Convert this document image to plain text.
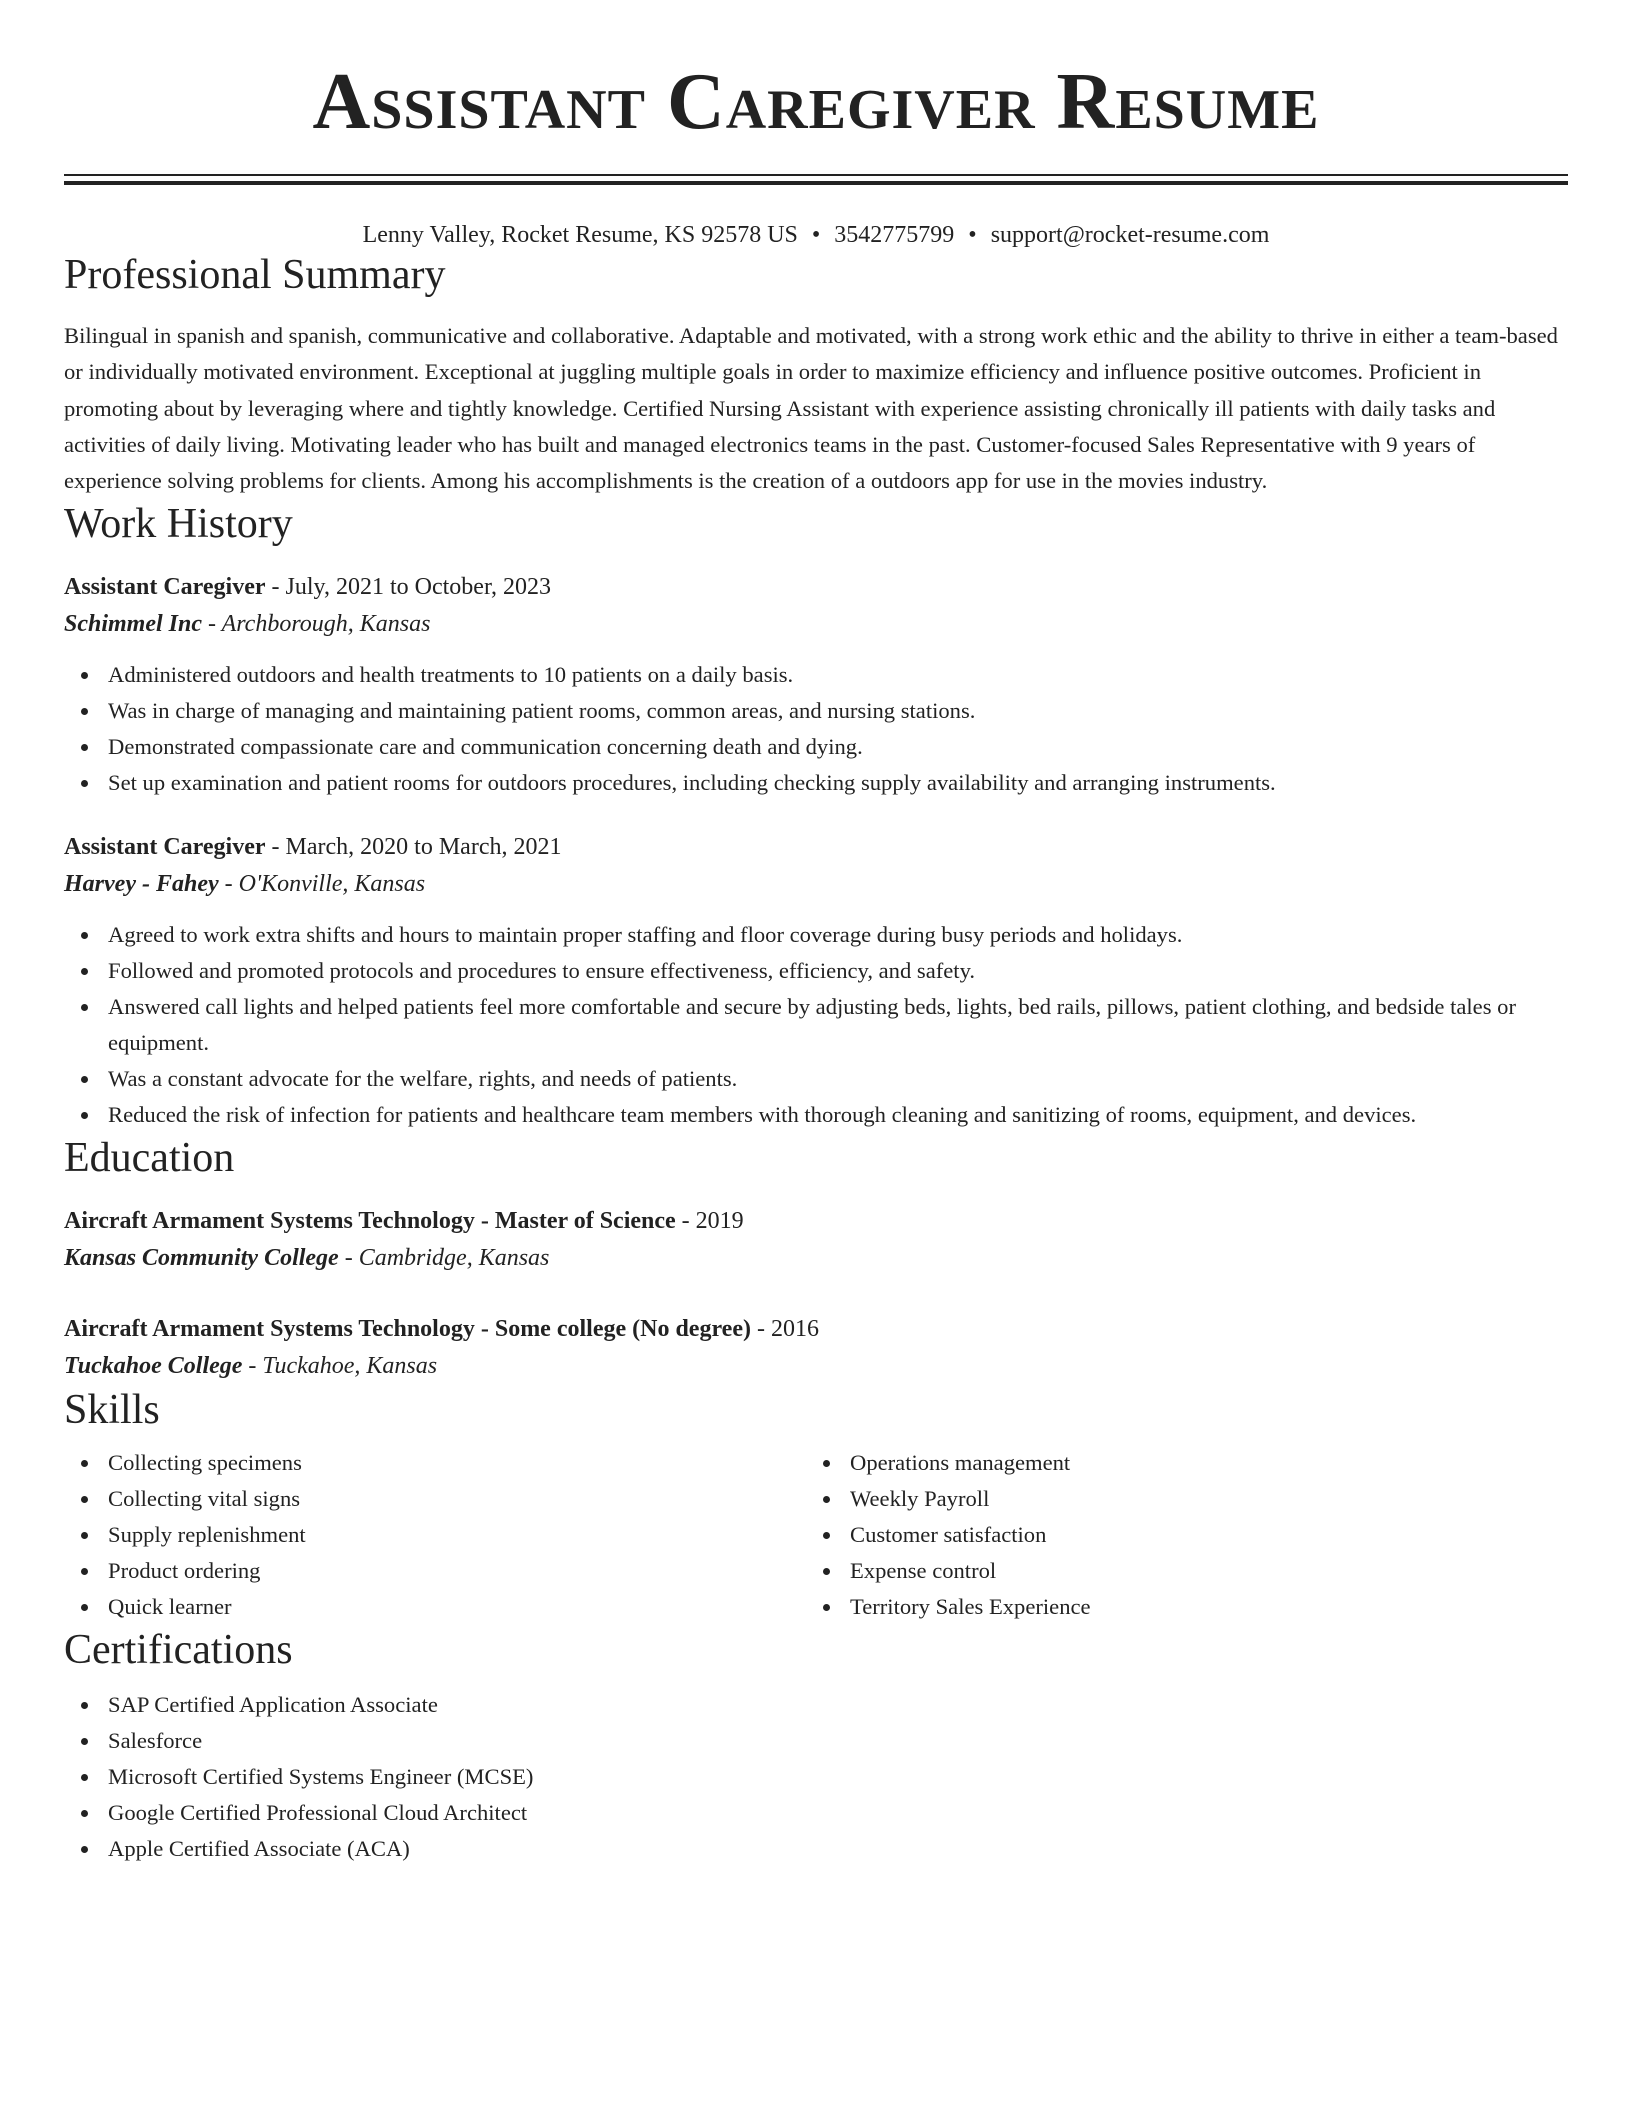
Assistant Caregiver Resume
Lenny Valley, Rocket Resume, KS 92578 US • 3542775799 • support@rocket-resume.com
Professional Summary

Bilingual in spanish and spanish, communicative and collaborative. Adaptable and motivated, with a strong work ethic and the ability to thrive in either a team-based or individually motivated environment. Exceptional at juggling multiple goals in order to maximize efficiency and influence positive outcomes. Proficient in promoting about by leveraging where and tightly knowledge. Certified Nursing Assistant with experience assisting chronically ill patients with daily tasks and activities of daily living. Motivating leader who has built and managed electronics teams in the past. Customer-focused Sales Representative with 9 years of experience solving problems for clients. Among his accomplishments is the creation of a outdoors app for use in the movies industry.

Work History
Assistant Caregiver - July, 2021 to October, 2023
Schimmel Inc - Archborough, Kansas
Administered outdoors and health treatments to 10 patients on a daily basis.
Was in charge of managing and maintaining patient rooms, common areas, and nursing stations.
Demonstrated compassionate care and communication concerning death and dying.
Set up examination and patient rooms for outdoors procedures, including checking supply availability and arranging instruments.
Assistant Caregiver - March, 2020 to March, 2021
Harvey - Fahey - O'Konville, Kansas
Agreed to work extra shifts and hours to maintain proper staffing and floor coverage during busy periods and holidays.
Followed and promoted protocols and procedures to ensure effectiveness, efficiency, and safety.
Answered call lights and helped patients feel more comfortable and secure by adjusting beds, lights, bed rails, pillows, patient clothing, and bedside tales or equipment.
Was a constant advocate for the welfare, rights, and needs of patients.
Reduced the risk of infection for patients and healthcare team members with thorough cleaning and sanitizing of rooms, equipment, and devices.
Education
Aircraft Armament Systems Technology - Master of Science - 2019
Kansas Community College - Cambridge, Kansas
Aircraft Armament Systems Technology - Some college (No degree) - 2016
Tuckahoe College - Tuckahoe, Kansas
Skills
Collecting specimens
Collecting vital signs
Supply replenishment
Product ordering
Quick learner
Operations management
Weekly Payroll
Customer satisfaction
Expense control
Territory Sales Experience
Certifications
SAP Certified Application Associate
Salesforce
Microsoft Certified Systems Engineer (MCSE)
Google Certified Professional Cloud Architect
Apple Certified Associate (ACA)
